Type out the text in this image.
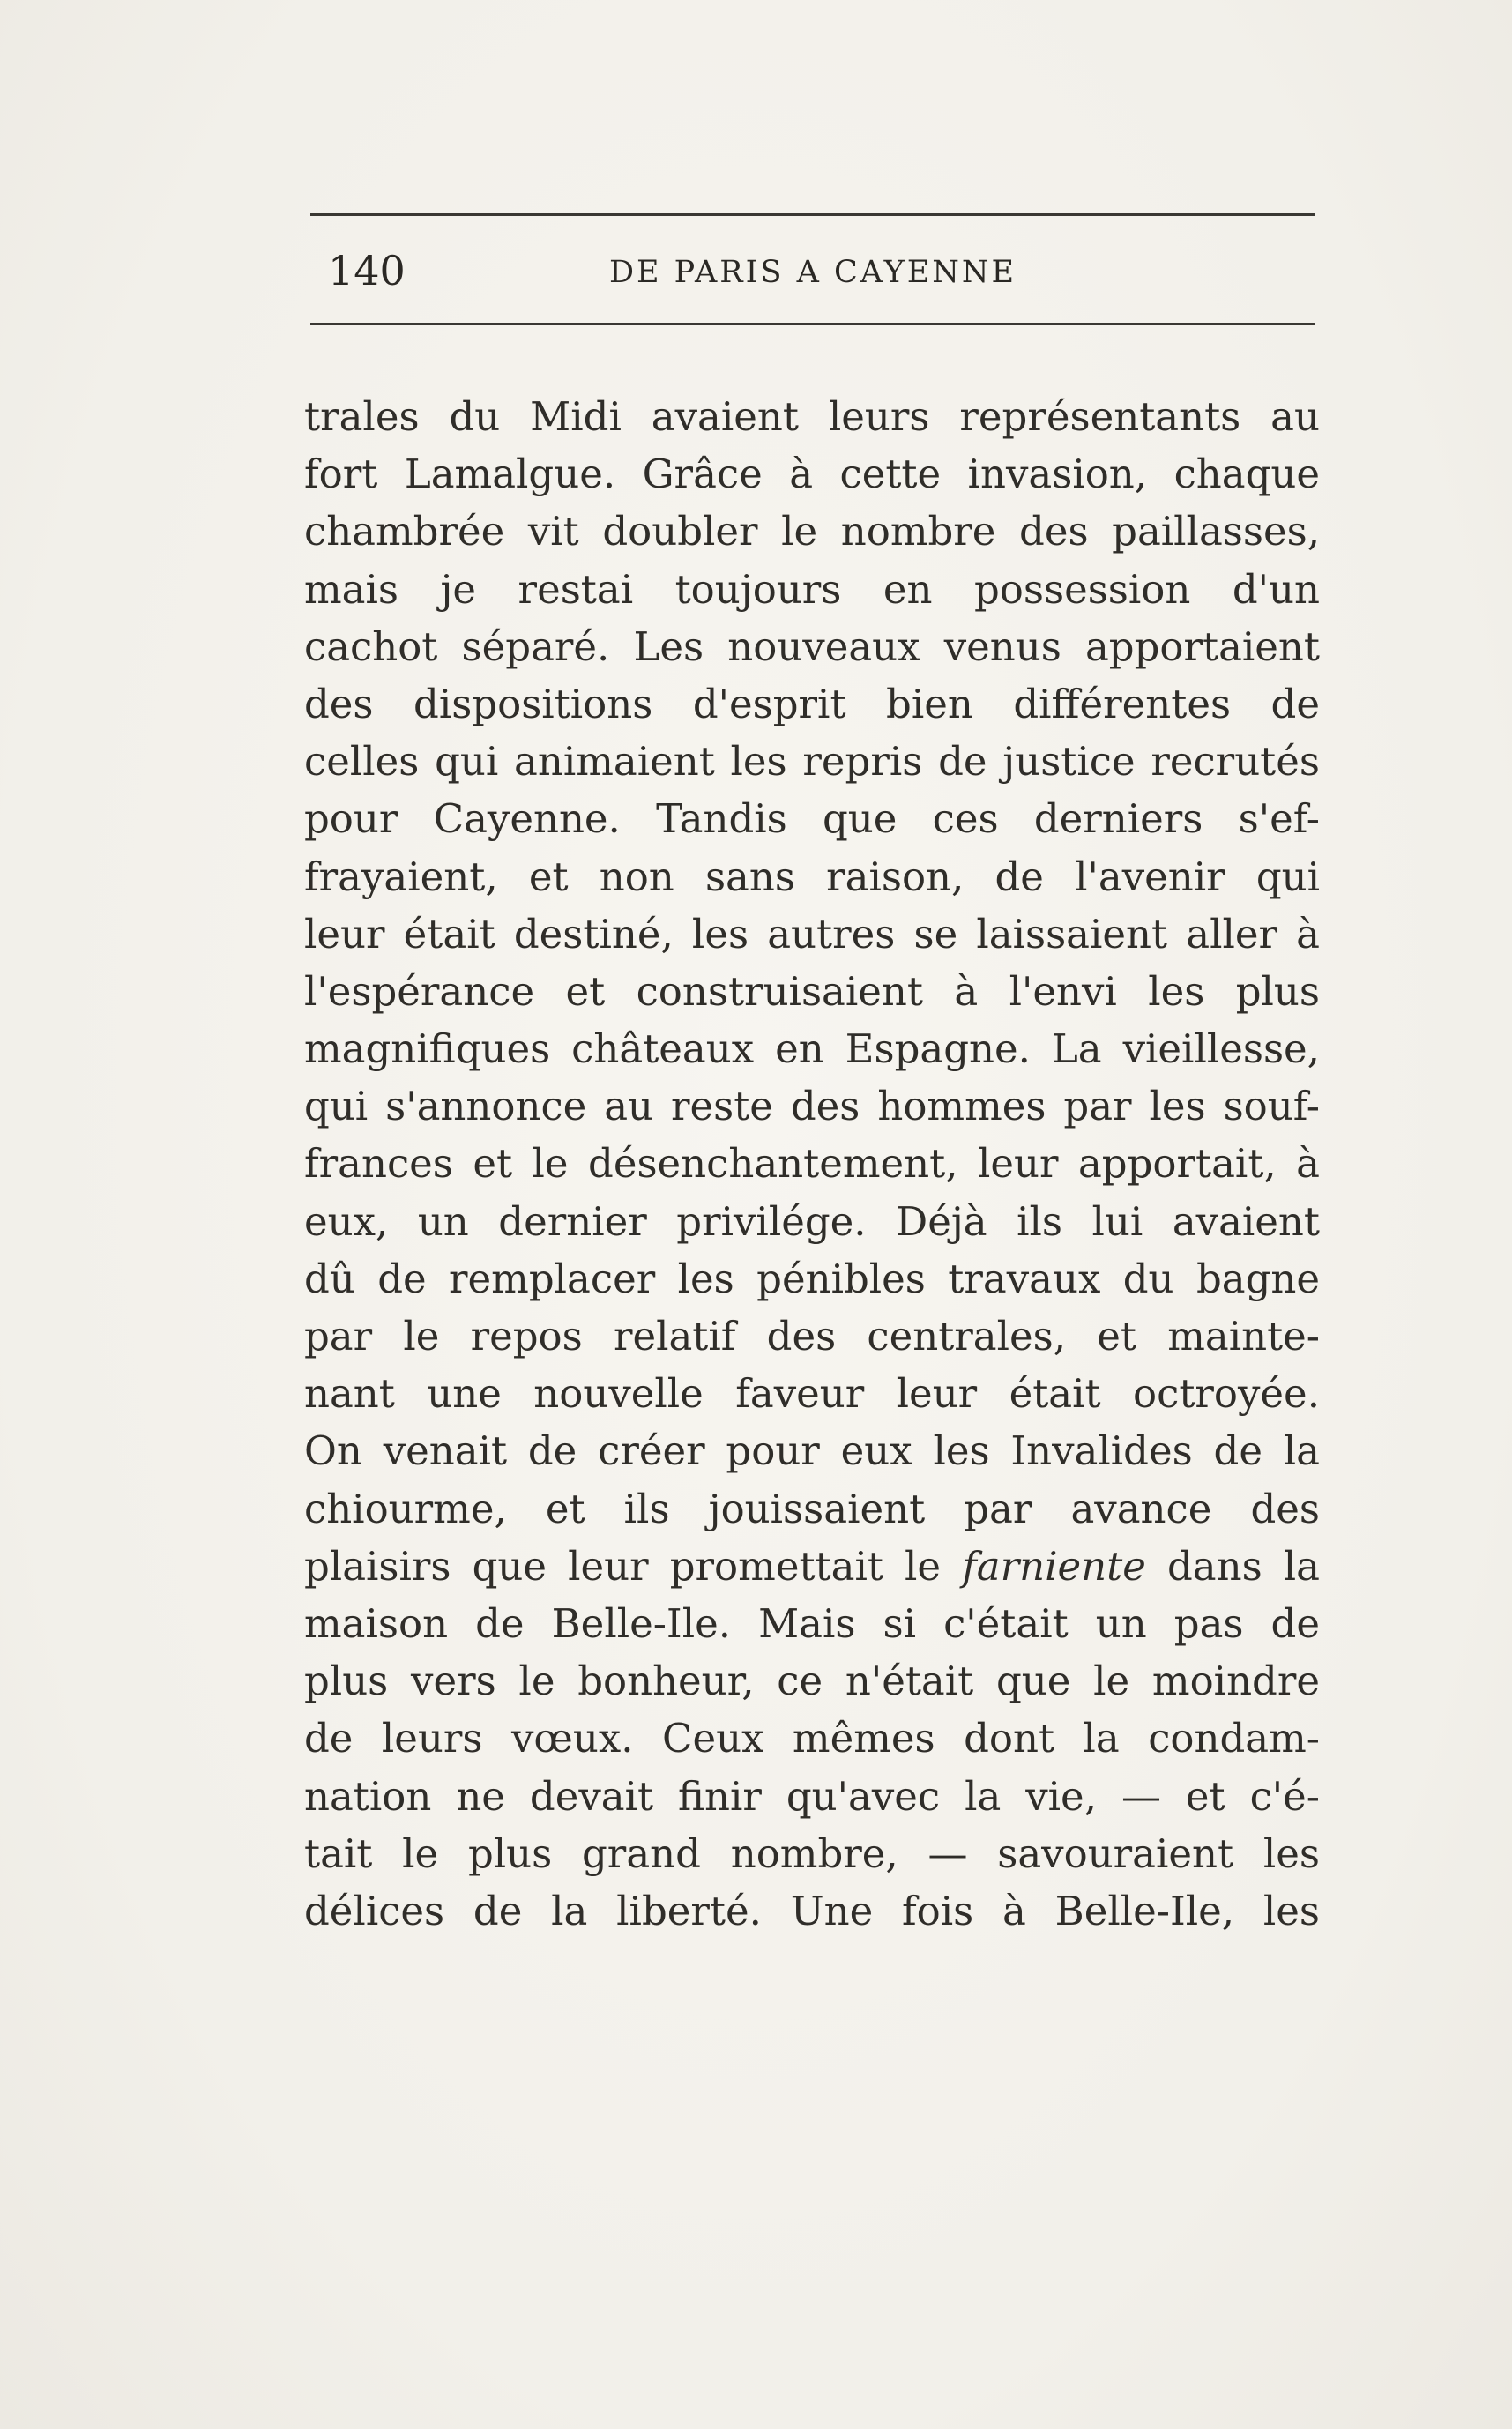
140	DE PARIS A CAYENNE
trales du Midi avaient leurs représentants au
fort Lamalgue. Grâce à cette invasion, chaque
chambrée vit doubler le nombre des paillasses,
mais je restai toujours en possession d'un
cachot séparé. Les nouveaux venus apportaient
des dispositions d'esprit bien différentes de
celles qui animaient les repris de justice recrutés
pour Cayenne. Tandis que ces derniers s'ef-
frayaient, et non sans raison, de l'avenir qui
leur était destiné, les autres se laissaient aller à
l'espérance et construisaient à l'envi les plus
magnifiques châteaux en Espagne. La vieillesse,
qui s'annonce au reste des hommes par les souf-
frances et le désenchantement, leur apportait, à
eux, un dernier privilége. Déjà ils lui avaient
dû de remplacer les pénibles travaux du bagne
par le repos relatif des centrales, et mainte-
nant une nouvelle faveur leur était octroyée.
On venait de créer pour eux les Invalides de la
chiourme, et ils jouissaient par avance des
plaisirs que leur promettait le farniente dans la
maison de Belle-Ile. Mais si c'était un pas de
plus vers le bonheur, ce n'était que le moindre
de leurs vœux. Ceux mêmes dont la condam-
nation ne devait finir qu'avec la vie, — et c'é-
tait le plus grand nombre, — savouraient les
délices de la liberté. Une fois à Belle-Ile, les
